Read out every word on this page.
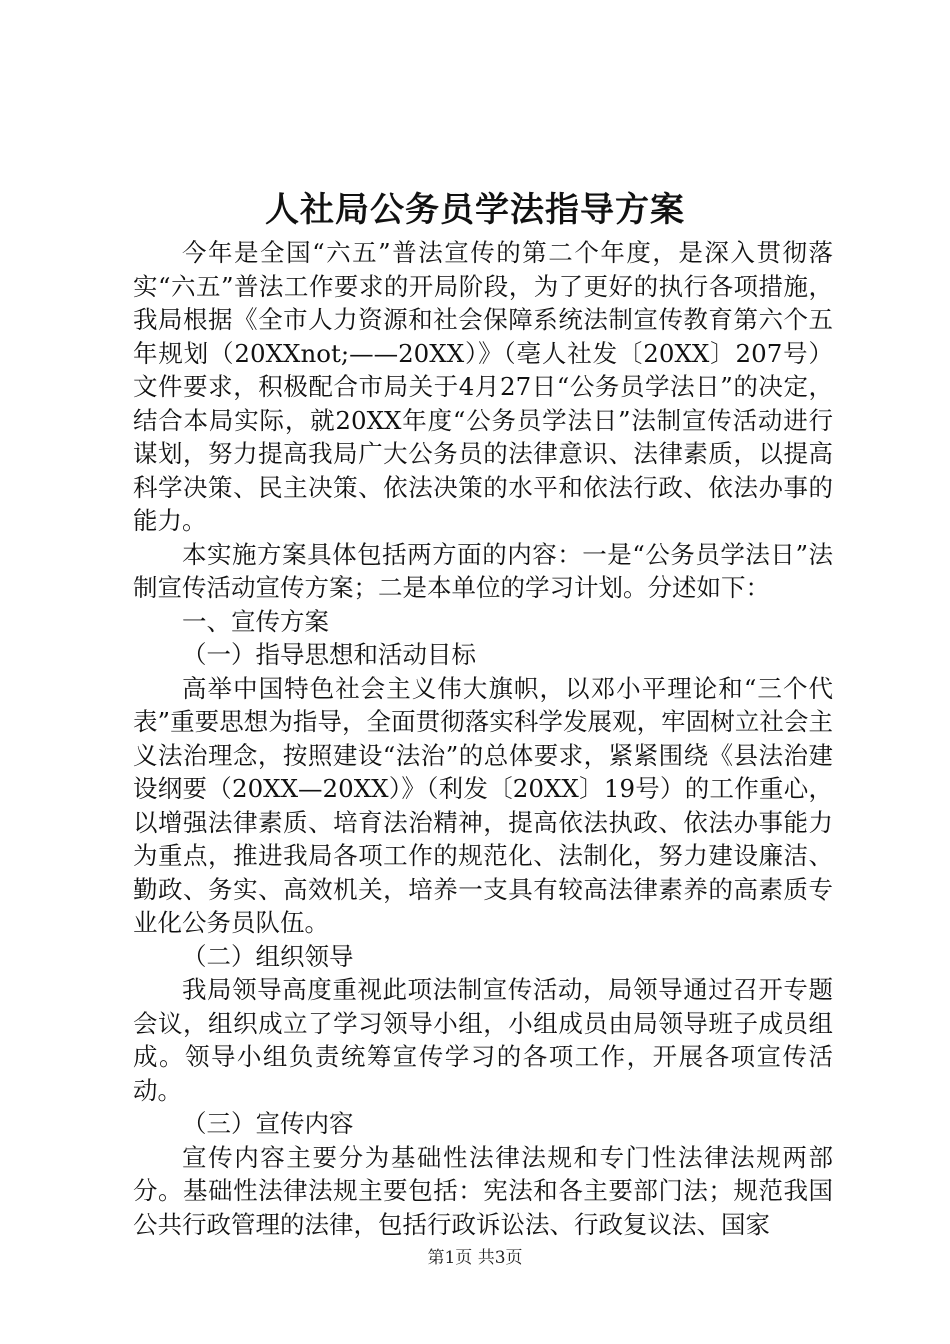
人社局公务员学法指导方案

今年是全国“六五”普法宣传的第二个年度，是深入贯彻落实“六五”普法工作要求的开局阶段，为了更好的执行各项措施，我局根据《全市人力资源和社会保障系统法制宣传教育第六个五年规划（20XXnot;——20XX）》（亳人社发〔20XX〕207号）文件要求，积极配合市局关于4月27日“公务员学法日”的决定，结合本局实际，就20XX年度“公务员学法日”法制宣传活动进行谋划，努力提高我局广大公务员的法律意识、法律素质，以提高科学决策、民主决策、依法决策的水平和依法行政、依法办事的能力。

本实施方案具体包括两方面的内容：一是“公务员学法日”法制宣传活动宣传方案；二是本单位的学习计划。分述如下：

一、宣传方案

（一）指导思想和活动目标

高举中国特色社会主义伟大旗帜，以邓小平理论和“三个代表”重要思想为指导，全面贯彻落实科学发展观，牢固树立社会主义法治理念，按照建设“法治”的总体要求，紧紧围绕《县法治建设纲要（20XX—20XX）》（利发〔20XX〕19号）的工作重心，以增强法律素质、培育法治精神，提高依法执政、依法办事能力为重点，推进我局各项工作的规范化、法制化，努力建设廉洁、勤政、务实、高效机关，培养一支具有较高法律素养的高素质专业化公务员队伍。

（二）组织领导

我局领导高度重视此项法制宣传活动，局领导通过召开专题会议，组织成立了学习领导小组，小组成员由局领导班子成员组成。领导小组负责统筹宣传学习的各项工作，开展各项宣传活动。

（三）宣传内容

宣传内容主要分为基础性法律法规和专门性法律法规两部分。基础性法律法规主要包括：宪法和各主要部门法；规范我国公共行政管理的法律，包括行政诉讼法、行政复议法、国家

第1页 共3页
